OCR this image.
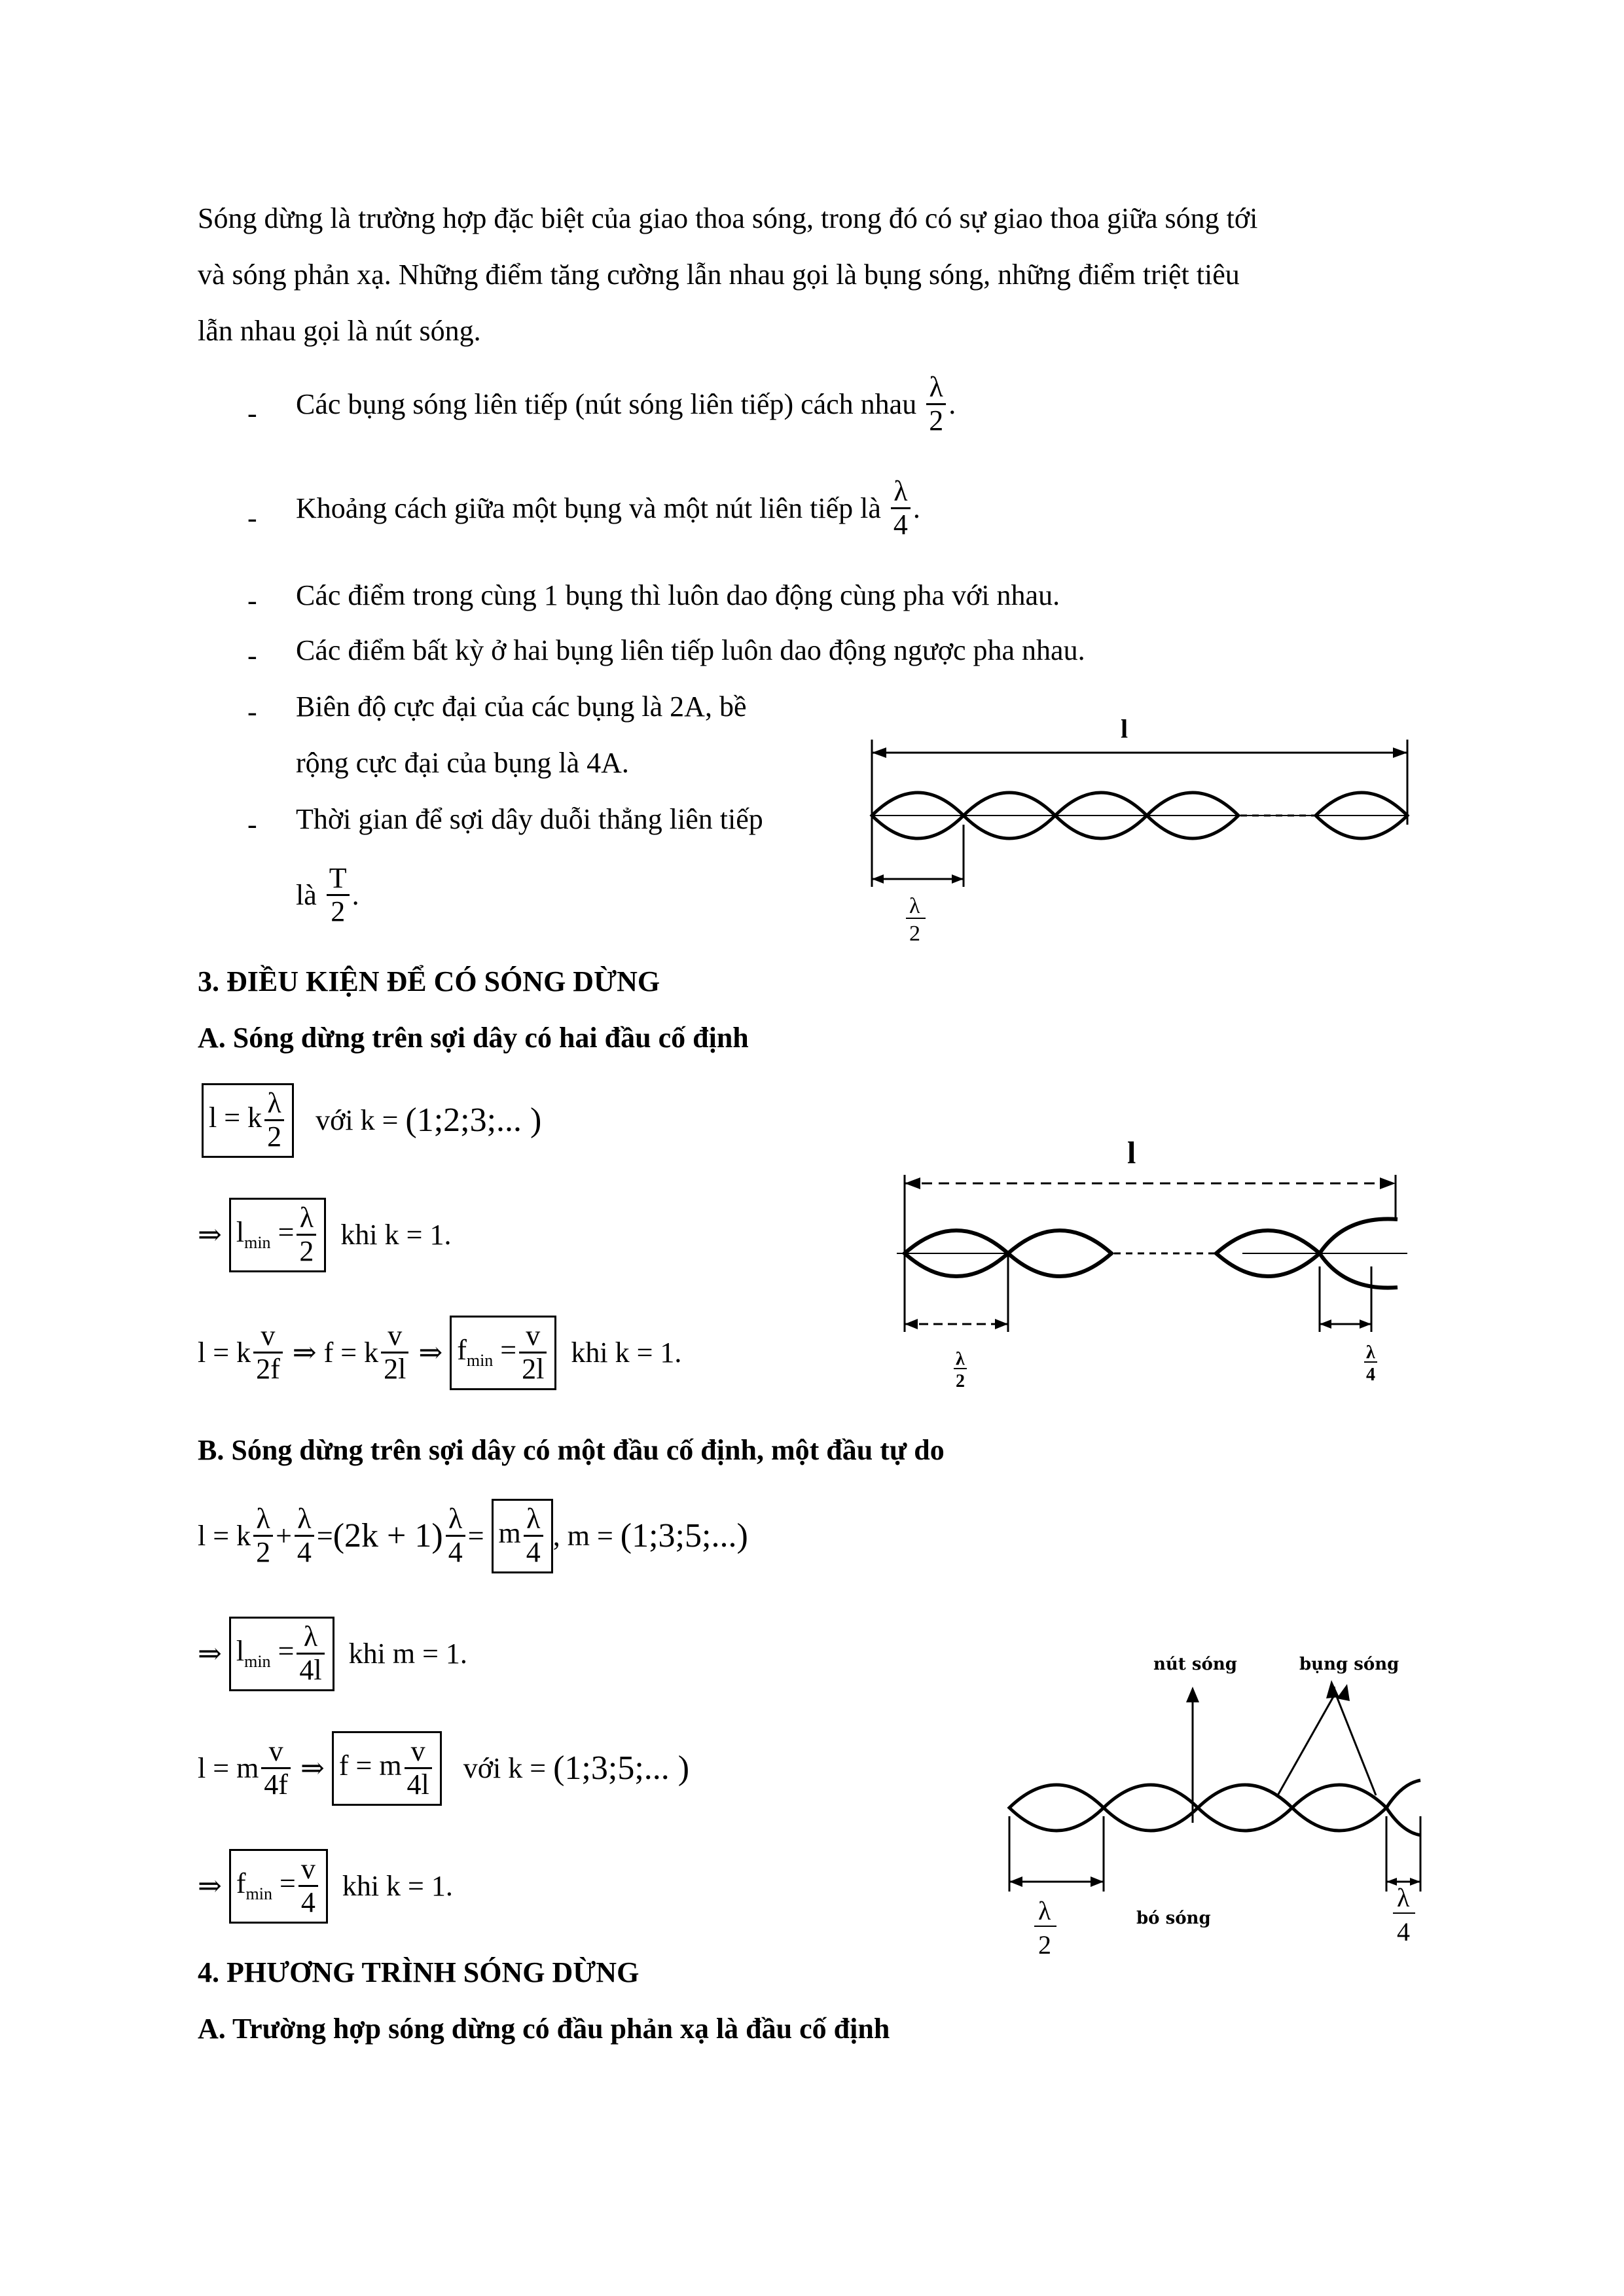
Sóng dừng là trường hợp đặc biệt của giao thoa sóng, trong đó có sự giao thoa giữa sóng tới
và sóng phản xạ. Những điểm tăng cường lẫn nhau gọi là bụng sóng, những điểm triệt tiêu
lẫn nhau gọi là nút sóng.
- Các bụng sóng liên tiếp (nút sóng liên tiếp) cách nhau $\frac{\lambda}{2}$ .
- Khoảng cách giữa một bụng và một nút liên tiếp là $\frac{\lambda}{4}$ .
- Các điểm trong cùng 1 bụng thì luôn dao động cùng pha với nhau.
- Các điểm bất kỳ ở hai bụng liên tiếp luôn dao động ngược pha nhau.
- Biên độ cực đại của các bụng là 2A, bề
rộng cực đại của bụng là 4A.
- Thời gian để sợi dây duỗi thẳng liên tiếp
là $\frac{T}{2}$ .
l
λ
2
3. ĐIỀU KIỆN ĐỂ CÓ SÓNG DỪNG
A. Sóng dừng trên sợi dây có hai đầu cố định
l = k $\frac{\lambda}{2}$ với k = (1;2;3;... )
⇒ $l_{min} = \frac{\lambda}{2}$ khi k = 1.
l = k $\frac{v}{2f}$ ⇒ f = k $\frac{v}{2l}$ ⇒ $f_{min} = \frac{v}{2l}$ khi k = 1.
l
λ
2
λ
4
B. Sóng dừng trên sợi dây có một đầu cố định, một đầu tự do
l = k $\frac{\lambda}{2} + \frac{\lambda}{4} =(2k + 1) \frac{\lambda}{4} = m \frac{\lambda}{4}$ , m = (1;3;5;...)
⇒ $l_{min} = \frac{\lambda}{4l}$ khi m = 1.
l = m $\frac{v}{4f}$ ⇒ f = m $\frac{v}{4l}$ với k = (1;3;5;... )
⇒ $f_{min} = \frac{v}{4}$ khi k = 1.
nút sóng	bụng sóng
λ
2
bó sóng
λ
4
4. PHƯƠNG TRÌNH SÓNG DỪNG
A. Trường hợp sóng dừng có đầu phản xạ là đầu cố định
